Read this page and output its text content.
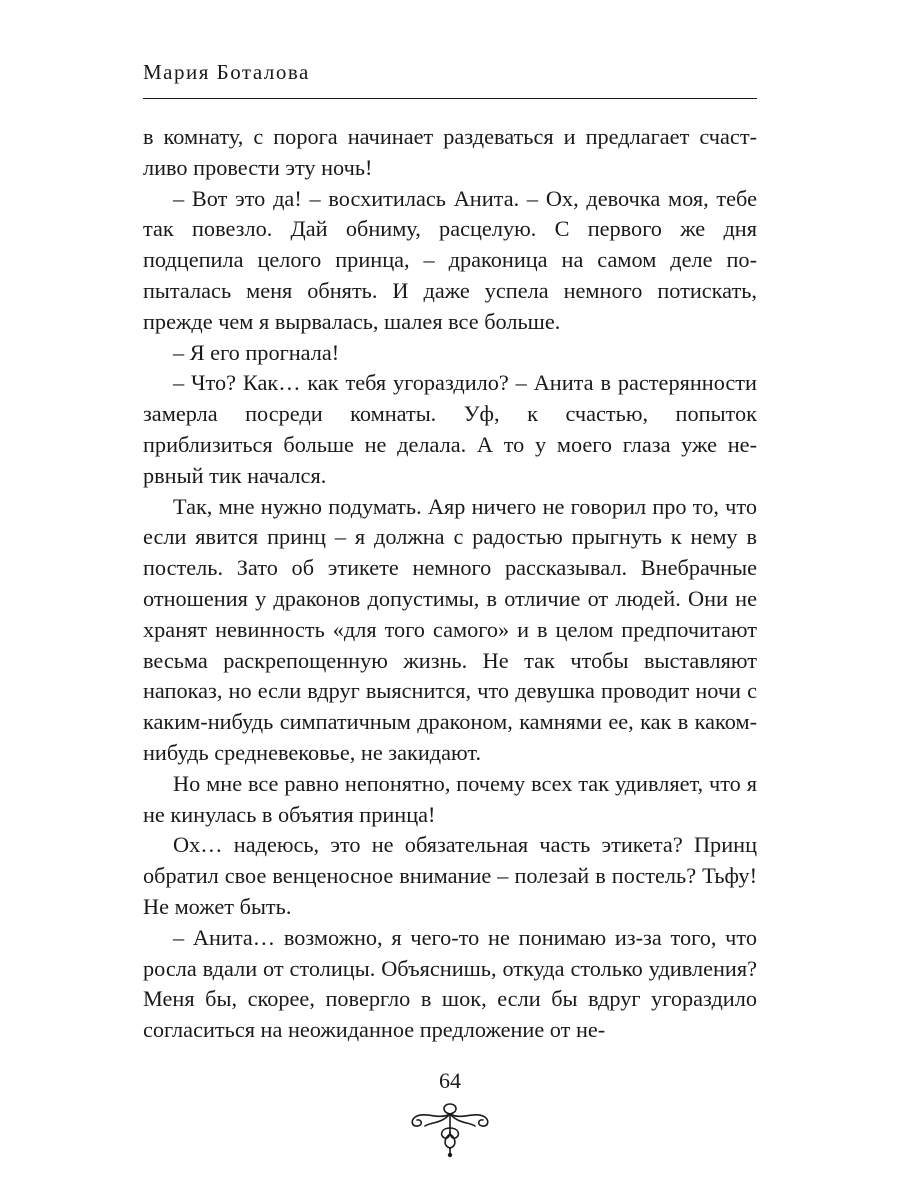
Мария Боталова

в комнату, с порога начинает раздеваться и предлагает счастливо провести эту ночь!

– Вот это да! – восхитилась Анита. – Ох, девочка моя, тебе так повезло. Дай обниму, расцелую. С первого же дня подцепила целого принца, – драконица на самом деле попыталась меня обнять. И даже успела немного потискать, прежде чем я вырвалась, шалея все больше.

– Я его прогнала!

– Что? Как… как тебя угораздило? – Анита в растерянности замерла посреди комнаты. Уф, к счастью, попыток приблизиться больше не делала. А то у моего глаза уже нервный тик начался.

Так, мне нужно подумать. Аяр ничего не говорил про то, что если явится принц – я должна с радостью прыгнуть к нему в постель. Зато об этикете немного рассказывал. Внебрачные отношения у драконов допустимы, в отличие от людей. Они не хранят невинность «для того самого» и в целом предпочитают весьма раскрепощенную жизнь. Не так чтобы выставляют напоказ, но если вдруг выяснится, что девушка проводит ночи с каким-нибудь симпатичным драконом, камнями ее, как в каком-нибудь средневековье, не закидают.

Но мне все равно непонятно, почему всех так удивляет, что я не кинулась в объятия принца!

Ох… надеюсь, это не обязательная часть этикета? Принц обратил свое венценосное внимание – полезай в постель? Тьфу! Не может быть.

– Анита… возможно, я чего-то не понимаю из-за того, что росла вдали от столицы. Объяснишь, откуда столько удивления? Меня бы, скорее, повергло в шок, если бы вдруг угораздило согласиться на неожиданное предложение от не-

64
